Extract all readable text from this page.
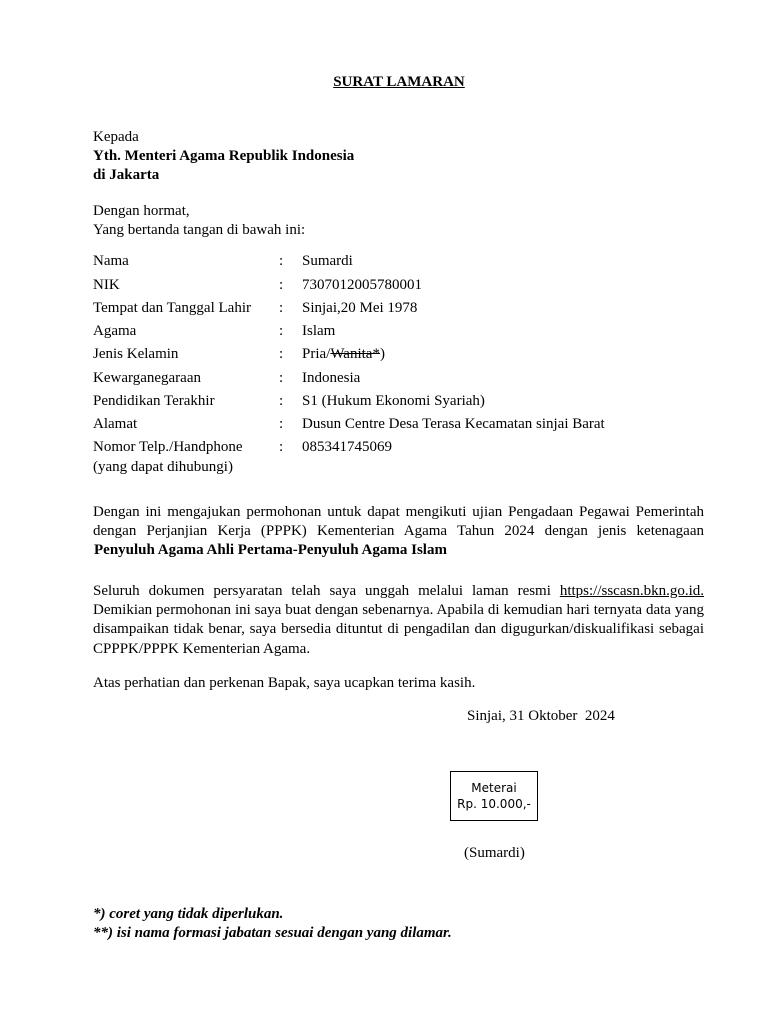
SURAT LAMARAN
Kepada
Yth. Menteri Agama Republik Indonesia
di Jakarta
Dengan hormat,
Yang bertanda tangan di bawah ini:
Nama	: Sumardi
NIK	: 7307012005780001
Tempat dan Tanggal Lahir : Sinjai,20 Mei 1978
Agama	: Islam
Jenis Kelamin	: Pria/Wanita*)
Kewarganegaraan	: Indonesia
Pendidikan Terakhir	: S1 (Hukum Ekonomi Syariah)
Alamat	: Dusun Centre Desa Terasa Kecamatan sinjai Barat
Nomor Telp./Handphone : 085341745069
(yang dapat dihubungi)
Dengan ini mengajukan permohonan untuk dapat mengikuti ujian Pengadaan Pegawai Pemerintah
dengan Perjanjian Kerja (PPPK) Kementerian Agama Tahun 2024 dengan jenis ketenagaan
Penyuluh Agama Ahli Pertama-Penyuluh Agama Islam
Seluruh dokumen persyaratan telah saya unggah melalui laman resmi https://sscasn.bkn.go.id. Demikian permohonan ini saya buat dengan sebenarnya. Apabila di kemudian hari ternyata data yang disampaikan tidak benar, saya bersedia dituntut di pengadilan dan digugurkan/diskualifikasi sebagai CPPPK/PPPK Kementerian Agama.
Atas perhatian dan perkenan Bapak, saya ucapkan terima kasih.
Sinjai, 31 Oktober  2024
Meterai
Rp. 10.000,-
(Sumardi)
*) coret yang tidak diperlukan.
**) isi nama formasi jabatan sesuai dengan yang dilamar.
